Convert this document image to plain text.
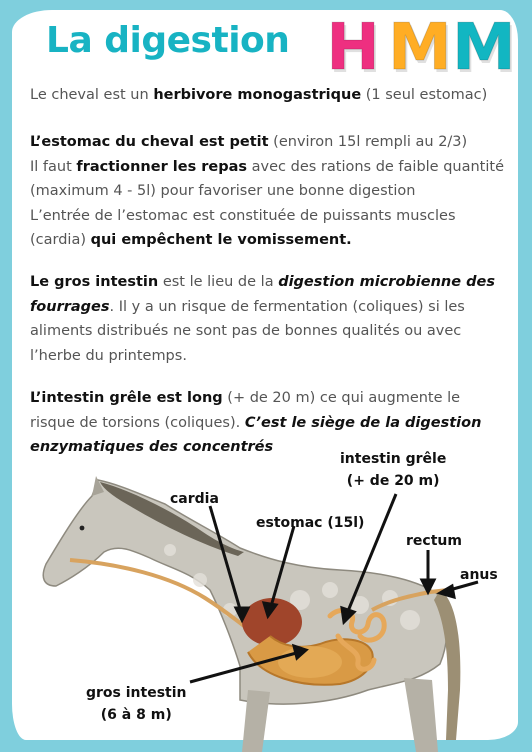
La digestion H M M

Le cheval est un herbivore monogastrique (1 seul estomac)

L’estomac du cheval est petit (environ 15l rempli au 2/3)

Il faut fractionner les repas avec des rations de faible quantité (maximum 4 - 5l) pour favoriser une bonne digestion

L’entrée de l’estomac est constituée de puissants muscles (cardia) qui empêchent le vomissement.

Le gros intestin est le lieu de la digestion microbienne des fourrages. Il y a un risque de fermentation (coliques) si les aliments distribués ne sont pas de bonnes qualités ou avec l’herbe du printemps.

L’intestin grêle est long (+ de 20 m) ce qui augmente le risque de torsions (coliques). C’est le siège de la digestion enzymatiques des concentrés

intestin grêle
(+ de 20 m)
cardia
estomac (15l)
rectum
anus
gros intestin
(6 à 8 m)
